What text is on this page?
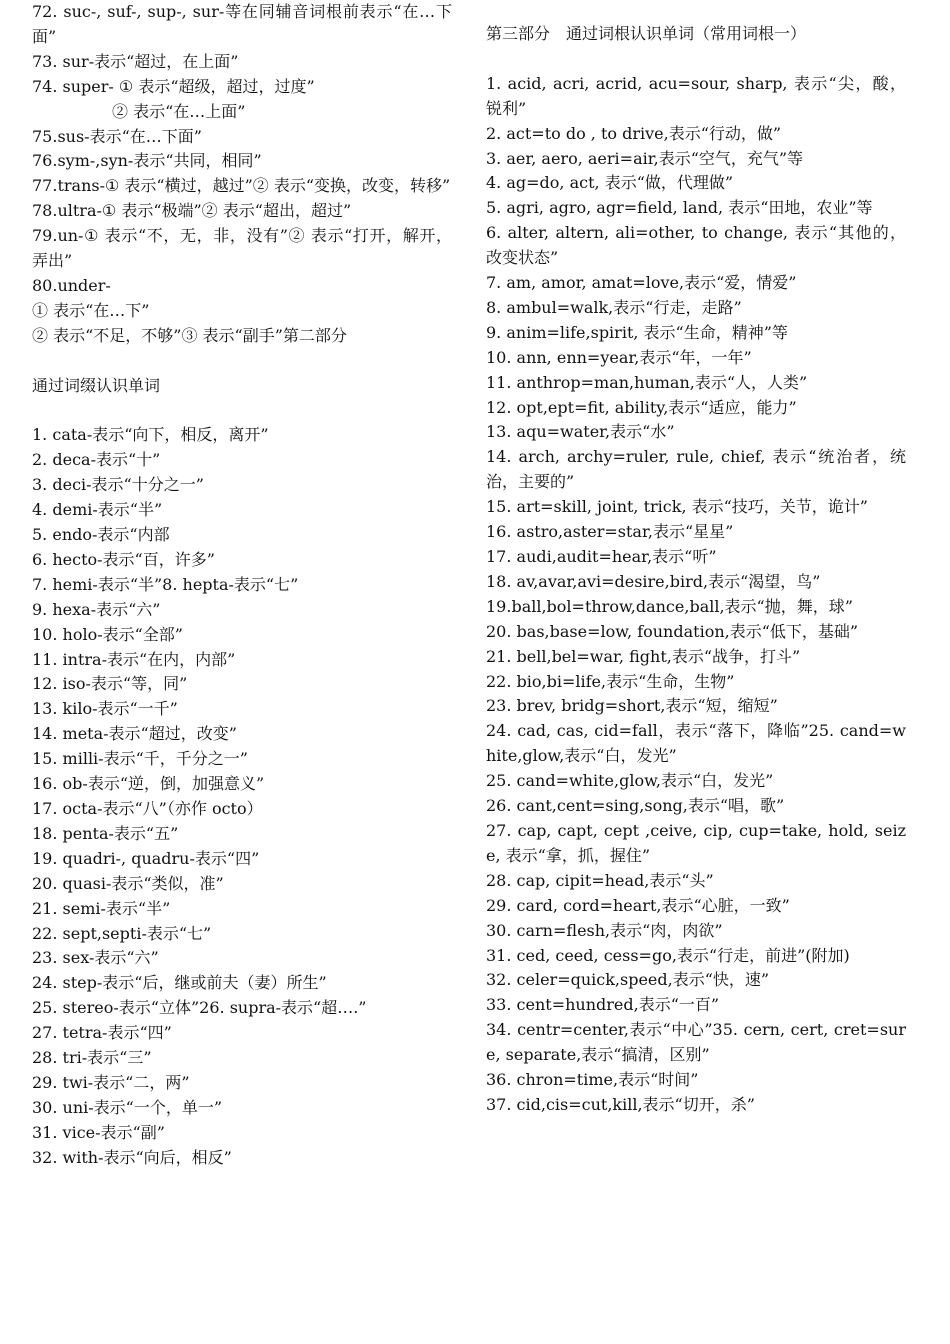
72. suc-, suf-, sup-, sur-等在同辅音词根前表示“在…下面”
73. sur-表示“超过，在上面”
74. super- ① 表示“超级，超过，过度”
② 表示“在…上面”
75.sus-表示“在…下面”
76.sym-,syn-表示“共同，相同”
77.trans-① 表示“横过，越过”② 表示“变换，改变，转移”
78.ultra-① 表示“极端”② 表示“超出，超过”
79.un-① 表示“不，无，非，没有”② 表示“打开，解开，弄出”
80.under-
① 表示“在…下”
② 表示“不足，不够”③ 表示“副手”第二部分
通过词缀认识单词
1. cata-表示“向下，相反，离开”
2. deca-表示“十”
3. deci-表示“十分之一”
4. demi-表示“半”
5. endo-表示“内部
6. hecto-表示“百，许多”
7. hemi-表示“半”8. hepta-表示“七”
9. hexa-表示“六”
10. holo-表示“全部”
11. intra-表示“在内，内部”
12. iso-表示“等，同”
13. kilo-表示“一千”
14. meta-表示“超过，改变”
15. milli-表示“千，千分之一”
16. ob-表示“逆，倒，加强意义”
17. octa-表示“八”（亦作 octo）
18. penta-表示“五”
19. quadri-, quadru-表示“四”
20. quasi-表示“类似，准”
21. semi-表示“半”
22. sept,septi-表示“七”
23. sex-表示“六”
24. step-表示“后，继或前夫（妻）所生”
25. stereo-表示“立体”26. supra-表示“超….”
27. tetra-表示“四”
28. tri-表示“三”
29. twi-表示“二，两”
30. uni-表示“一个，单一”
31. vice-表示“副”
32. with-表示“向后，相反”
第三部分　通过词根认识单词（常用词根一）
1. acid, acri, acrid, acu=sour, sharp, 表示“尖，酸，锐利”
2. act=to do , to drive,表示“行动，做”
3. aer, aero, aeri=air,表示“空气，充气”等
4. ag=do, act, 表示“做，代理做”
5. agri, agro, agr=field, land, 表示“田地，农业”等
6. alter, altern, ali=other, to change, 表示“其他的，改变状态”
7. am, amor, amat=love,表示“爱，情爱”
8. ambul=walk,表示“行走，走路”
9. anim=life,spirit, 表示“生命，精神”等
10. ann, enn=year,表示“年，一年”
11. anthrop=man,human,表示“人，人类”
12. opt,ept=fit, ability,表示“适应，能力”
13. aqu=water,表示“水”
14. arch, archy=ruler, rule, chief, 表示“统治者，统治，主要的”
15. art=skill, joint, trick, 表示“技巧，关节，诡计”
16. astro,aster=star,表示“星星”
17. audi,audit=hear,表示“听”
18. av,avar,avi=desire,bird,表示“渴望，鸟”
19.ball,bol=throw,dance,ball,表示“抛，舞，球”
20. bas,base=low, foundation,表示“低下，基础”
21. bell,bel=war, fight,表示“战争，打斗”
22. bio,bi=life,表示“生命，生物”
23. brev, bridg=short,表示“短，缩短”
24. cad, cas, cid=fall，表示“落下，降临”25. cand=white,glow,表示“白，发光”
25. cand=white,glow,表示“白，发光”
26. cant,cent=sing,song,表示“唱，歌”
27. cap, capt, cept ,ceive, cip, cup=take, hold, seize, 表示“拿，抓，握住”
28. cap, cipit=head,表示“头”
29. card, cord=heart,表示“心脏，一致”
30. carn=flesh,表示“肉，肉欲”
31. ced, ceed, cess=go,表示“行走，前进”(附加)
32. celer=quick,speed,表示“快，速”
33. cent=hundred,表示“一百”
34. centr=center,表示“中心”35. cern, cert, cret=sure, separate,表示“搞清，区别”
36. chron=time,表示“时间”
37. cid,cis=cut,kill,表示“切开，杀”
